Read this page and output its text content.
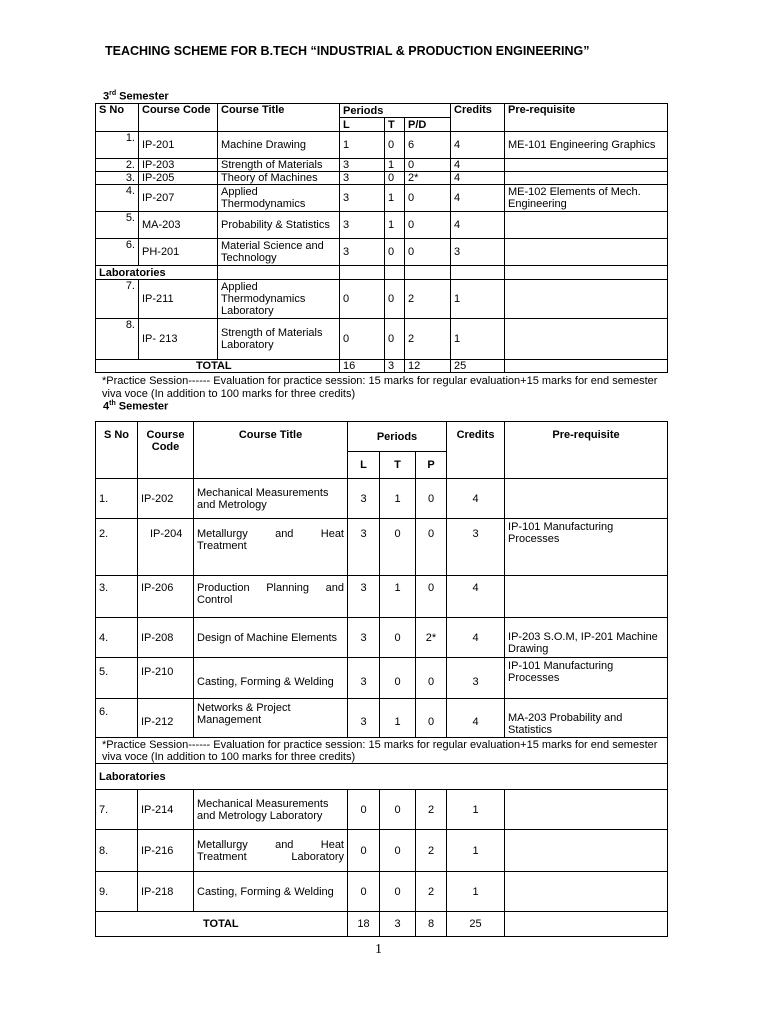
TEACHING SCHEME FOR B.TECH “INDUSTRIAL & PRODUCTION ENGINEERING”
3rd Semester
S No	Course Code	Course Title	Periods			Credits	Pre-requisite
			L	T	P/D		
1.	IP-201	Machine Drawing	1	0	6	4	ME-101 Engineering Graphics
2.	IP-203	Strength of Materials	3	1	0	4	
3.	IP-205	Theory of Machines	3	0	2*	4	
4.	IP-207	Applied Thermodynamics	3	1	0	4	ME-102 Elements of Mech. Engineering
5.	MA-203	Probability & Statistics	3	1	0	4	
6.	PH-201	Material Science and Technology	3	0	0	3	
Laboratories							
7.	IP-211	Applied Thermodynamics Laboratory	0	0	2	1	
8.	IP- 213	Strength of Materials Laboratory	0	0	2	1	
TOTAL			16	3	12	25	
*Practice Session------ Evaluation for practice session: 15 marks for regular evaluation+15 marks for end semester viva voce (In addition to 100 marks for three credits)
4th Semester
S No	Course Code	Course Title	Periods			Credits	Pre-requisite
			L	T	P		
1.	IP-202	Mechanical Measurements and Metrology	3	1	0	4	
2.	IP-204	Metallurgy and Heat Treatment	3	0	0	3	IP-101 Manufacturing Processes
3.	IP-206	Production Planning and Control	3	1	0	4	
4.	IP-208	Design of Machine Elements	3	0	2*	4	IP-203 S.O.M, IP-201 Machine Drawing
5.	IP-210	Casting, Forming & Welding	3	0	0	3	IP-101 Manufacturing Processes
6.	IP-212	Networks & Project Management	3	1	0	4	MA-203 Probability and Statistics
*Practice Session------ Evaluation for practice session: 15 marks for regular evaluation+15 marks for end semester viva voce (In addition to 100 marks for three credits)							
Laboratories							
7.	IP-214	Mechanical Measurements and Metrology Laboratory	0	0	2	1	
8.	IP-216	Metallurgy and Heat Treatment Laboratory	0	0	2	1	
9.	IP-218	Casting, Forming & Welding	0	0	2	1	
TOTAL			18	3	8	25	
1
